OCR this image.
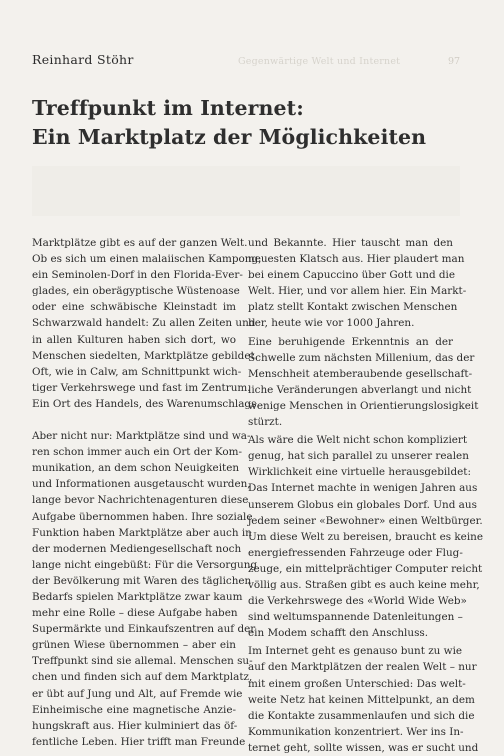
Reinhard Stöhr	Gegenwärtige Welt und Internet	97
Treffpunkt im Internet:
Ein Marktplatz der Möglichkeiten

Marktplätze gibt es auf der ganzen Welt.
Ob es sich um einen malaiischen Kampong,
ein Seminolen-Dorf in den Florida-Ever-
glades, ein oberägyptische Wüstenoase
oder eine schwäbische Kleinstadt im
Schwarzwald handelt: Zu allen Zeiten und
in allen Kulturen haben sich dort, wo
Menschen siedelten, Marktplätze gebildet.
Oft, wie in Calw, am Schnittpunkt wich-
tiger Verkehrswege und fast im Zentrum.
Ein Ort des Handels, des Warenumschlags.

Aber nicht nur: Marktplätze sind und wa-
ren schon immer auch ein Ort der Kom-
munikation, an dem schon Neuigkeiten
und Informationen ausgetauscht wurden,
lange bevor Nachrichtenagenturen diese
Aufgabe übernommen haben. Ihre soziale
Funktion haben Marktplätze aber auch in
der modernen Mediengesellschaft noch
lange nicht eingebüßt: Für die Versorgung
der Bevölkerung mit Waren des täglichen
Bedarfs spielen Marktplätze zwar kaum
mehr eine Rolle – diese Aufgabe haben
Supermärkte und Einkaufszentren auf der
grünen Wiese übernommen – aber ein
Treffpunkt sind sie allemal. Menschen su-
chen und finden sich auf dem Marktplatz,
er übt auf Jung und Alt, auf Fremde wie
Einheimische eine magnetische Anzie-
hungskraft aus. Hier kulminiert das öf-
fentliche Leben. Hier trifft man Freunde

und Bekannte. Hier tauscht man den
neuesten Klatsch aus. Hier plaudert man
bei einem Capuccino über Gott und die
Welt. Hier, und vor allem hier. Ein Markt-
platz stellt Kontakt zwischen Menschen
her, heute wie vor 1000 Jahren.

Eine beruhigende Erkenntnis an der
Schwelle zum nächsten Millenium, das der
Menschheit atemberaubende gesellschaft-
liche Veränderungen abverlangt und nicht
wenige Menschen in Orientierungslosigkeit
stürzt.

Als wäre die Welt nicht schon kompliziert
genug, hat sich parallel zu unserer realen
Wirklichkeit eine virtuelle herausgebildet:
Das Internet machte in wenigen Jahren aus
unserem Globus ein globales Dorf. Und aus
jedem seiner «Bewohner» einen Weltbürger.
Um diese Welt zu bereisen, braucht es keine
energiefressenden Fahrzeuge oder Flug-
zeuge, ein mittelprächtiger Computer reicht
völlig aus. Straßen gibt es auch keine mehr,
die Verkehrswege des «World Wide Web»
sind weltumspannende Datenleitungen –
ein Modem schafft den Anschluss.

Im Internet geht es genauso bunt zu wie
auf den Marktplätzen der realen Welt – nur
mit einem großen Unterschied: Das welt-
weite Netz hat keinen Mittelpunkt, an dem
die Kontakte zusammenlaufen und sich die
Kommunikation konzentriert. Wer ins In-
ternet geht, sollte wissen, was er sucht und
